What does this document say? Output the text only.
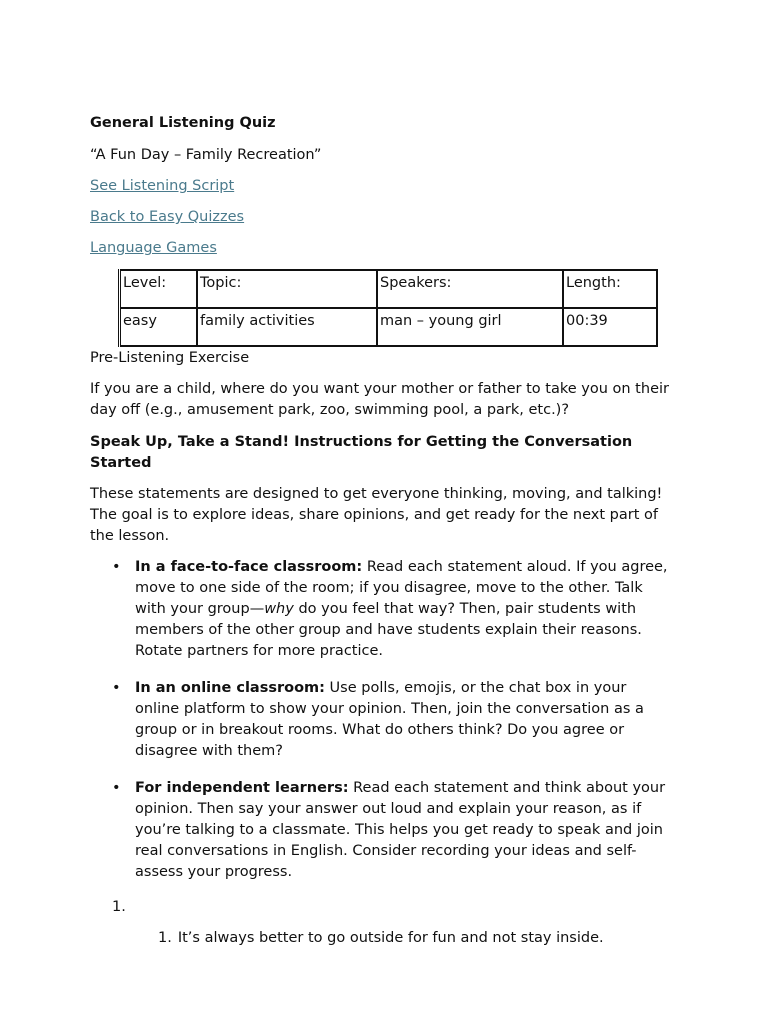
General Listening Quiz

“A Fun Day – Family Recreation”

See Listening Script
Back to Easy Quizzes
Language Games
Level:	Topic:	Speakers:	Length:
easy	family activities	man – young girl	00:39

Pre-Listening Exercise

If you are a child, where do you want your mother or father to take you on their day off (e.g., amusement park, zoo, swimming pool, a park, etc.)?

Speak Up, Take a Stand! Instructions for Getting the Conversation Started

These statements are designed to get everyone thinking, moving, and talking! The goal is to explore ideas, share opinions, and get ready for the next part of the lesson.

• In a face-to-face classroom: Read each statement aloud. If you agree, move to one side of the room; if you disagree, move to the other. Talk with your group—why do you feel that way? Then, pair students with members of the other group and have students explain their reasons. Rotate partners for more practice.
• In an online classroom: Use polls, emojis, or the chat box in your online platform to show your opinion. Then, join the conversation as a group or in breakout rooms. What do others think? Do you agree or disagree with them?
• For independent learners: Read each statement and think about your opinion. Then say your answer out loud and explain your reason, as if you’re talking to a classmate. This helps you get ready to speak and join real conversations in English. Consider recording your ideas and self-assess your progress.
1.
1. It’s always better to go outside for fun and not stay inside.
